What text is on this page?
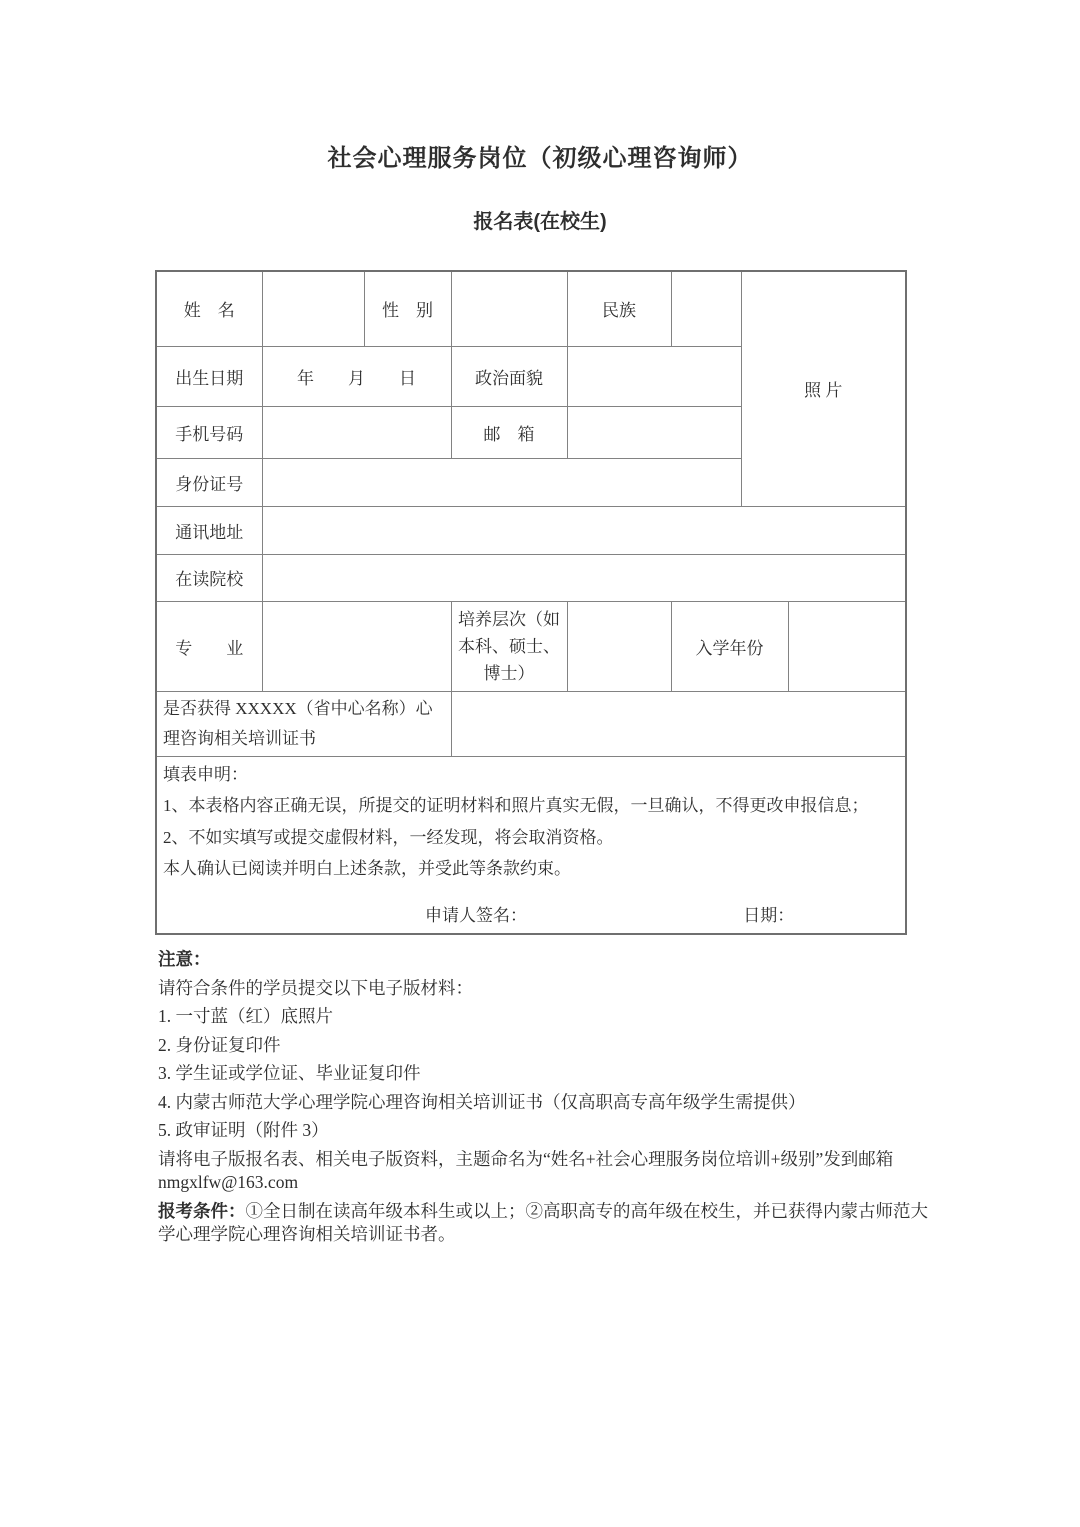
社会心理服务岗位（初级心理咨询师）
报名表(在校生)
姓　名		性　别		民族		照 片	
出生日期	年　　月　　日		政治面貌				
手机号码			邮　箱				
身份证号							
通讯地址							
在读院校							
专　　业			培养层次（如本科、硕士、博士）		入学年份		
是否获得 XXXXX（省中心名称）心理咨询相关培训证书							

填表申明：

1、本表格内容正确无误，所提交的证明材料和照片真实无假，一旦确认，不得更改申报信息；

2、不如实填写或提交虚假材料，一经发现，将会取消资格。

本人确认已阅读并明白上述条款，并受此等条款约束。

申请人签名： 日期：							

注意：

请符合条件的学员提交以下电子版材料：

1. 一寸蓝（红）底照片

2. 身份证复印件

3. 学生证或学位证、毕业证复印件

4. 内蒙古师范大学心理学院心理咨询相关培训证书（仅高职高专高年级学生需提供）

5. 政审证明（附件 3）

请将电子版报名表、相关电子版资料，主题命名为“姓名+社会心理服务岗位培训+级别”发到邮箱 nmgxlfw@163.com

报考条件：①全日制在读高年级本科生或以上；②高职高专的高年级在校生，并已获得内蒙古师范大学心理学院心理咨询相关培训证书者。
